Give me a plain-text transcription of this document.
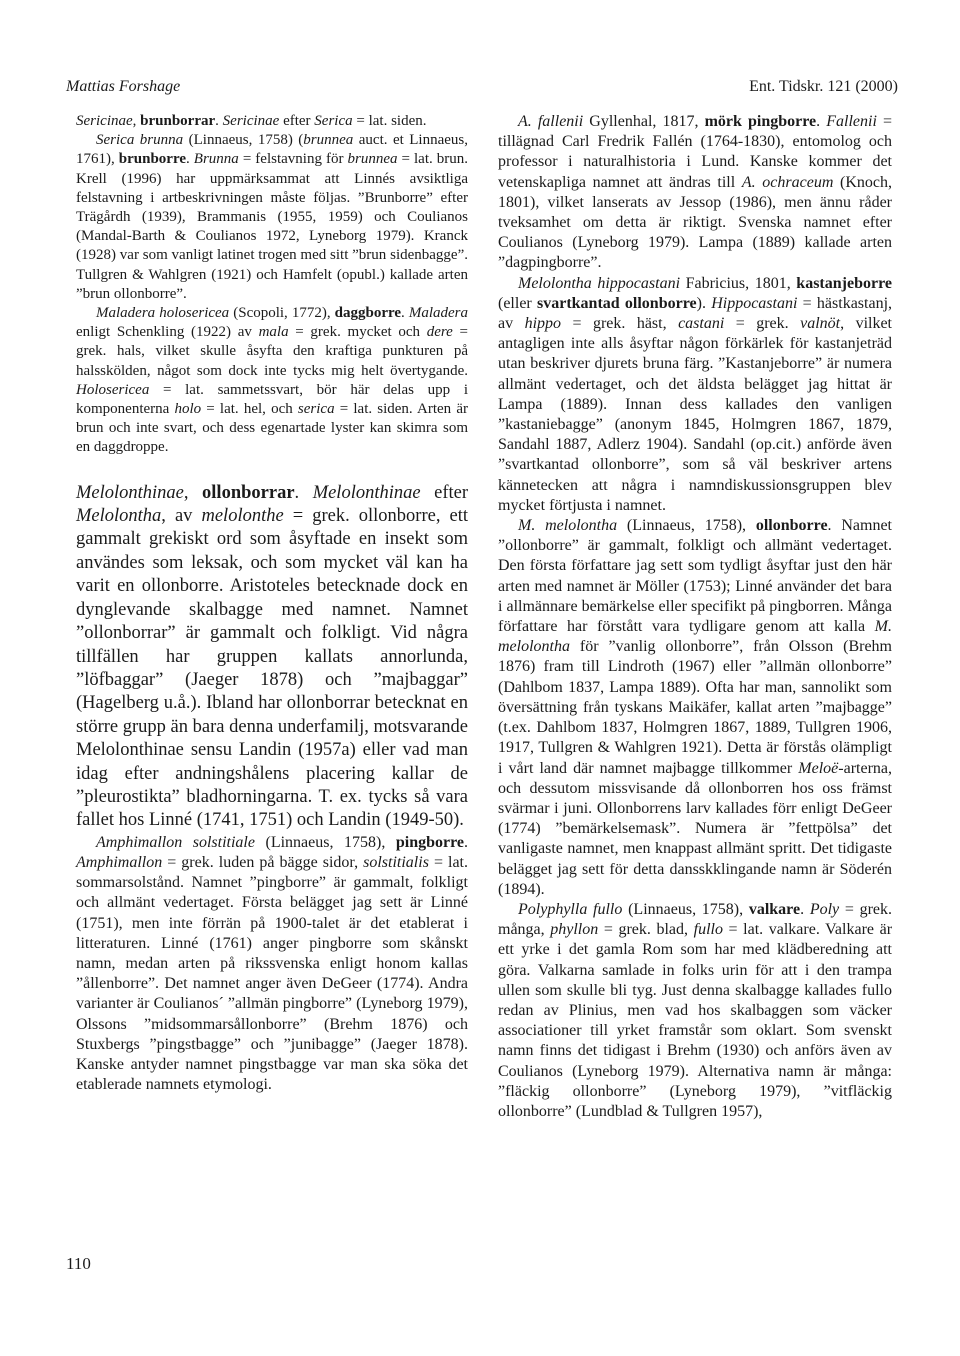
Mattias Forshage	Ent. Tidskr. 121 (2000)

Sericinae, brunborrar. Sericinae efter Serica = lat. siden.

Serica brunna (Linnaeus, 1758) (brunnea auct. et Linnaeus, 1761), brunborre. Brunna = felstavning för brunnea = lat. brun. Krell (1996) har uppmärksammat att Linnés avsiktliga felstavning i artbeskrivningen måste följas. ”Brunborre” efter Trägårdh (1939), Brammanis (1955, 1959) och Coulianos (Mandal-Barth & Coulianos 1972, Lyneborg 1979). Kranck (1928) var som vanligt latinet trogen med sitt ”brun sidenbagge”. Tullgren & Wahlgren (1921) och Hamfelt (opubl.) kallade arten ”brun ollonborre”.

Maladera holosericea (Scopoli, 1772), daggborre. Maladera enligt Schenkling (1922) av mala = grek. mycket och dere = grek. hals, vilket skulle åsyfta den kraftiga punkturen på halsskölden, något som dock inte tycks mig helt övertygande. Holosericea = lat. sammetssvart, bör här delas upp i komponenterna holo = lat. hel, och serica = lat. siden. Arten är brun och inte svart, och dess egenartade lyster kan skimra som en daggdroppe.

Melolonthinae, ollonborrar. Melolonthinae efter Melolontha, av melolonthe = grek. ollonborre, ett gammalt grekiskt ord som åsyftade en insekt som användes som leksak, och som mycket väl kan ha varit en ollonborre. Aristoteles betecknade dock en dynglevande skalbagge med namnet. Namnet ”ollonborrar” är gammalt och folkligt. Vid några tillfällen har gruppen kallats annorlunda, ”löfbaggar” (Jaeger 1878) och ”majbaggar” (Hagelberg u.å.). Ibland har ollonborrar betecknat en större grupp än bara denna underfamilj, motsvarande Melolonthinae sensu Landin (1957a) eller vad man idag efter andningshålens placering kallar de ”pleurostikta” bladhorningarna. T. ex. tycks så vara fallet hos Linné (1741, 1751) och Landin (1949-50).

Amphimallon solstitiale (Linnaeus, 1758), pingborre. Amphimallon = grek. luden på bägge sidor, solstitialis = lat. sommarsolstånd. Namnet ”pingborre” är gammalt, folkligt och allmänt vedertaget. Första belägget jag sett är Linné (1751), men inte förrän på 1900-talet är det etablerat i litteraturen. Linné (1761) anger pingborre som skånskt namn, medan arten på rikssvenska enligt honom kallas ”ållenborre”. Det namnet anger även DeGeer (1774). Andra varianter är Coulianos´ ”allmän pingborre” (Lyneborg 1979), Olssons ”midsommarsållonborre” (Brehm 1876) och Stuxbergs ”pingstbagge” och ”junibagge” (Jaeger 1878). Kanske antyder namnet pingstbagge var man ska söka det etablerade namnets etymologi.

A. fallenii Gyllenhal, 1817, mörk pingborre. Fallenii = tillägnad Carl Fredrik Fallén (1764-1830), entomolog och professor i naturalhistoria i Lund. Kanske kommer det vetenskapliga namnet att ändras till A. ochraceum (Knoch, 1801), vilket lanserats av Jessop (1986), men ännu råder tveksamhet om detta är riktigt. Svenska namnet efter Coulianos (Lyneborg 1979). Lampa (1889) kallade arten ”dagpingborre”.

Melolontha hippocastani Fabricius, 1801, kastanjeborre (eller svartkantad ollonborre). Hippocastani = hästkastanj, av hippo = grek. häst, castani = grek. valnöt, vilket antagligen inte alls åsyftar någon förkärlek för kastanjeträd utan beskriver djurets bruna färg. ”Kastanjeborre” är numera allmänt vedertaget, och det äldsta belägget jag hittat är Lampa (1889). Innan dess kallades den vanligen ”kastaniebagge” (anonym 1845, Holmgren 1867, 1879, Sandahl 1887, Adlerz 1904). Sandahl (op.cit.) anförde även ”svartkantad ollonborre”, som så väl beskriver artens kännetecken att några i namndiskussionsgruppen blev mycket förtjusta i namnet.

M. melolontha (Linnaeus, 1758), ollonborre. Namnet ”ollonborre” är gammalt, folkligt och allmänt vedertaget. Den första författare jag sett som tydligt åsyftar just den här arten med namnet är Möller (1753); Linné använder det bara i allmännare bemärkelse eller specifikt på pingborren. Många författare har förstått vara tydligare genom att kalla M. melolontha för ”vanlig ollonborre”, från Olsson (Brehm 1876) fram till Lindroth (1967) eller ”allmän ollonborre” (Dahlbom 1837, Lampa 1889). Ofta har man, sannolikt som översättning från tyskans Maikäfer, kallat arten ”majbagge” (t.ex. Dahlbom 1837, Holmgren 1867, 1889, Tullgren 1906, 1917, Tullgren & Wahlgren 1921). Detta är förstås olämpligt i vårt land där namnet majbagge tillkommer Meloë-arterna, och dessutom missvisande då ollonborren hos oss främst svärmar i juni. Ollonborrens larv kallades förr enligt DeGeer (1774) ”bemärkelsemask”. Numera är ”fettpölsa” det vanligaste namnet, men knappast allmänt spritt. Det tidigaste belägget jag sett för detta dansskklingande namn är Söderén (1894).

Polyphylla fullo (Linnaeus, 1758), valkare. Poly = grek. många, phyllon = grek. blad, fullo = lat. valkare. Valkare är ett yrke i det gamla Rom som har med klädberedning att göra. Valkarna samlade in folks urin för att i den trampa ullen som skulle bli tyg. Just denna skalbagge kallades fullo redan av Plinius, men vad hos skalbaggen som väcker associationer till yrket framstår som oklart. Som svenskt namn finns det tidigast i Brehm (1930) och anförs även av Coulianos (Lyneborg 1979). Alternativa namn är många: ”fläckig ollonborre” (Lyneborg 1979), ”vitfläckig ollonborre” (Lundblad & Tullgren 1957),

110
